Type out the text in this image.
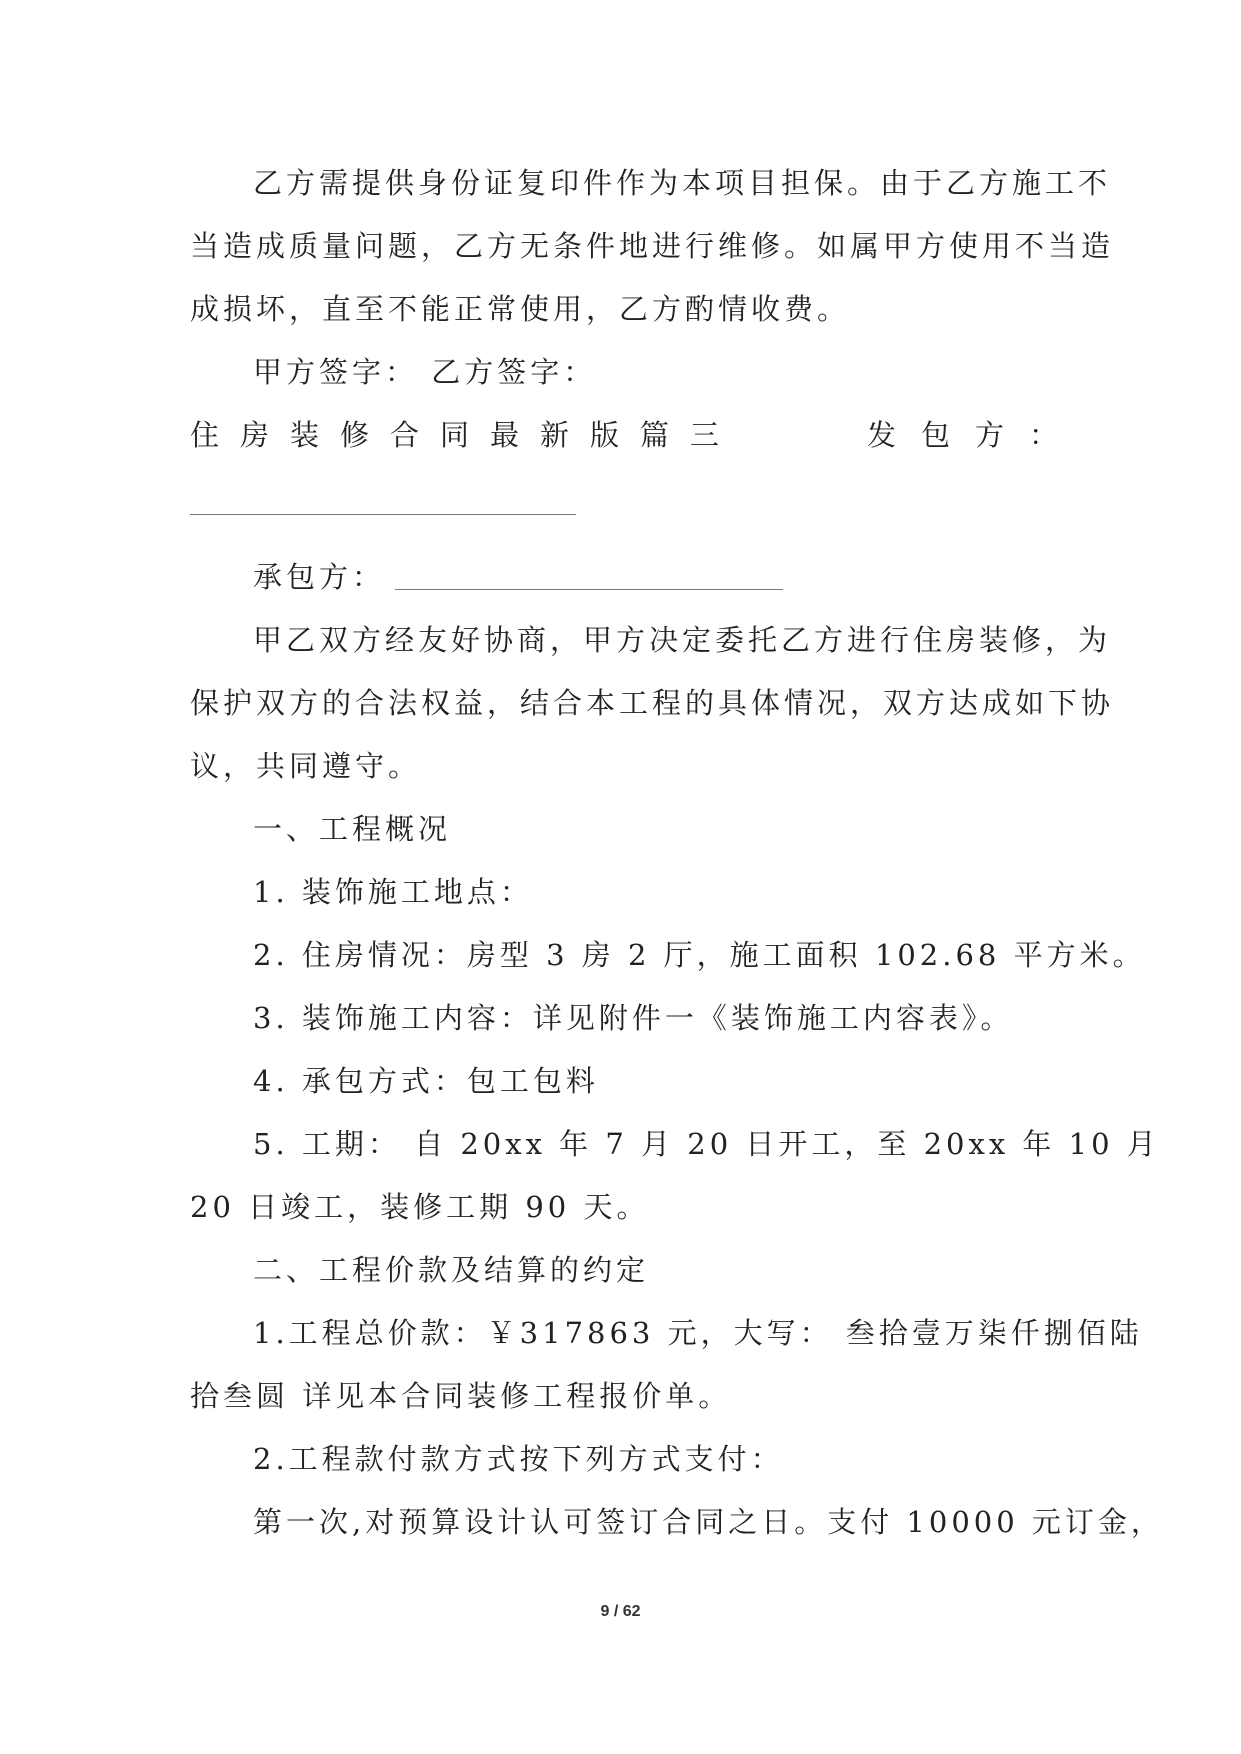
乙方需提供身份证复印件作为本项目担保。由于乙方施工不
当造成质量问题，乙方无条件地进行维修。如属甲方使用不当造
成损坏，直至不能正常使用，乙方酌情收费。
甲方签字： 乙方签字：
住房装修合同最新版篇三	发包方：
承包方：
甲乙双方经友好协商，甲方决定委托乙方进行住房装修，为
保护双方的合法权益，结合本工程的具体情况，双方达成如下协
议，共同遵守。
一、工程概况
1. 装饰施工地点：
2. 住房情况：房型 3 房 2 厅，施工面积 102.68 平方米。
3. 装饰施工内容：详见附件一《装饰施工内容表》。
4. 承包方式：包工包料
5. 工期： 自 20xx 年 7 月 20 日开工，至 20xx 年 10 月
20 日竣工，装修工期 90 天。
二、工程价款及结算的约定
1.工程总价款：￥317863 元，大写： 叁拾壹万柒仟捌佰陆
拾叁圆 详见本合同装修工程报价单。
2.工程款付款方式按下列方式支付：
第一次,对预算设计认可签订合同之日。支付 10000 元订金，
9 / 62
